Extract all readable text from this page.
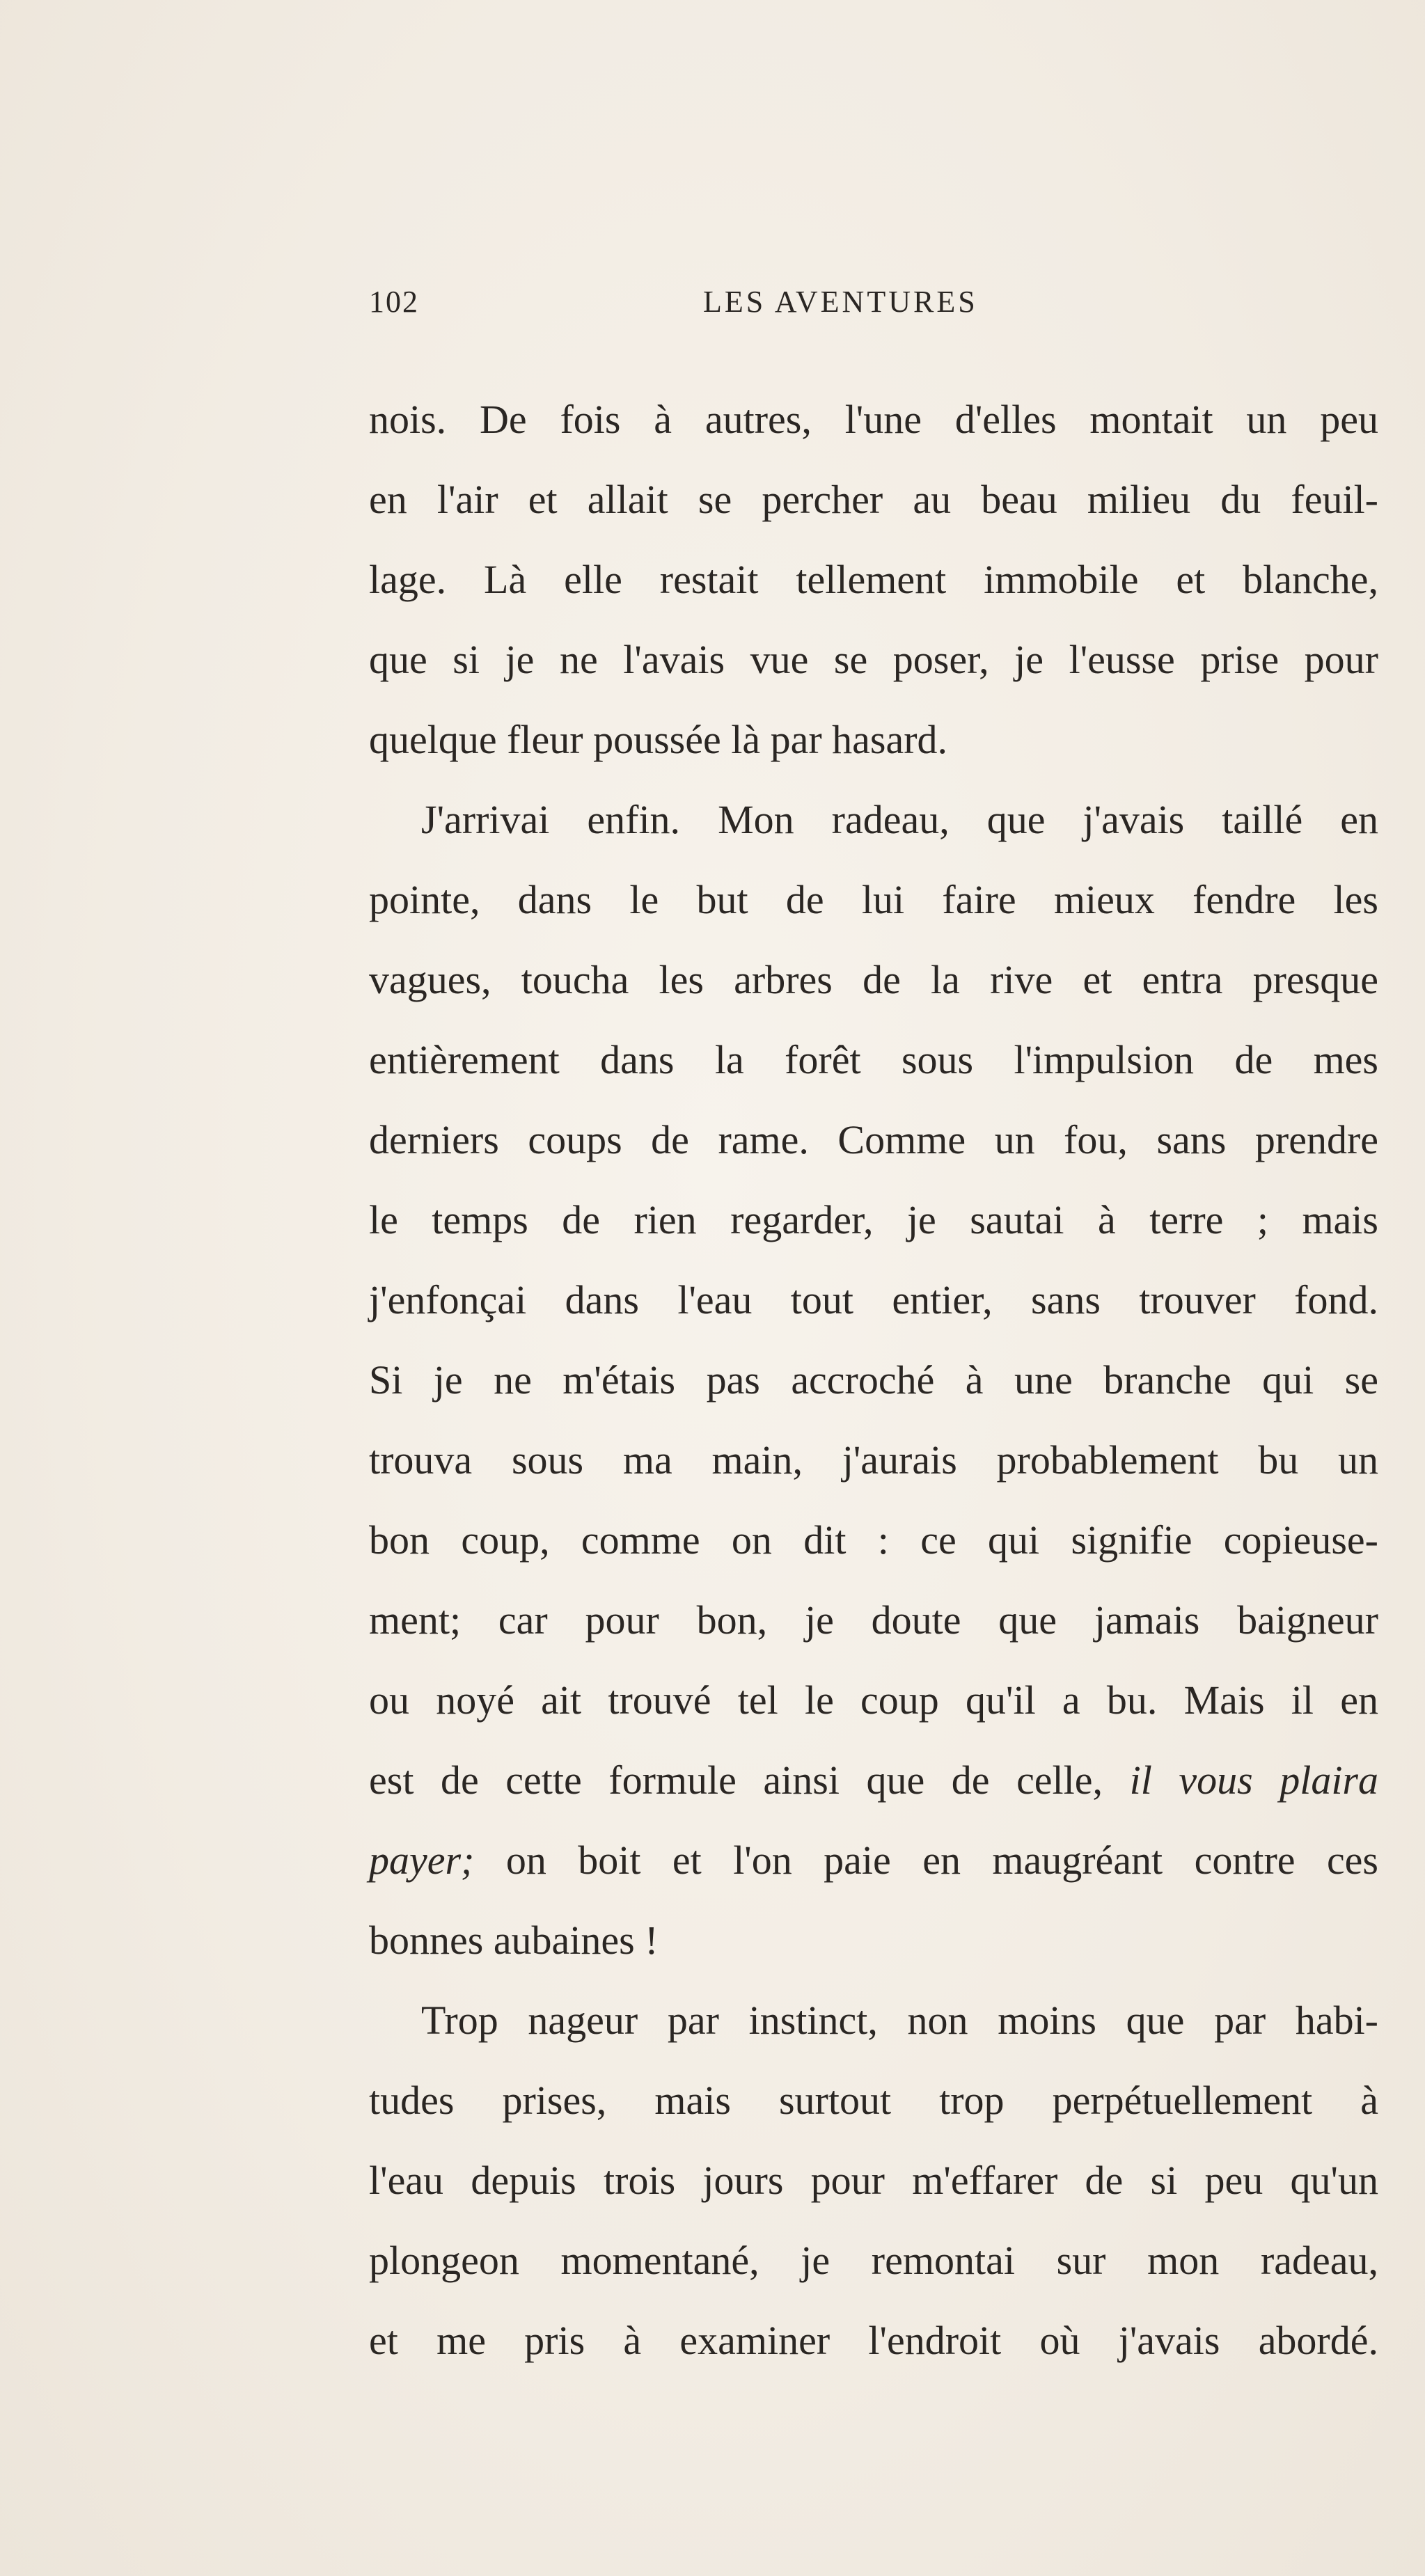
102	LES AVENTURES
nois. De fois à autres, l'une d'elles montait un peu
en l'air et allait se percher au beau milieu du feuil-
lage. Là elle restait tellement immobile et blanche,
que si je ne l'avais vue se poser, je l'eusse prise pour
quelque fleur poussée là par hasard.
J'arrivai enfin. Mon radeau, que j'avais taillé en
pointe, dans le but de lui faire mieux fendre les
vagues, toucha les arbres de la rive et entra presque
entièrement dans la forêt sous l'impulsion de mes
derniers coups de rame. Comme un fou, sans prendre
le temps de rien regarder, je sautai à terre ; mais
j'enfonçai dans l'eau tout entier, sans trouver fond.
Si je ne m'étais pas accroché à une branche qui se
trouva sous ma main, j'aurais probablement bu un
bon coup, comme on dit : ce qui signifie copieuse-
ment; car pour bon, je doute que jamais baigneur
ou noyé ait trouvé tel le coup qu'il a bu. Mais il en
est de cette formule ainsi que de celle, il vous plaira
payer; on boit et l'on paie en maugréant contre ces
bonnes aubaines !
Trop nageur par instinct, non moins que par habi-
tudes prises, mais surtout trop perpétuellement à
l'eau depuis trois jours pour m'effarer de si peu qu'un
plongeon momentané, je remontai sur mon radeau,
et me pris à examiner l'endroit où j'avais abordé.
